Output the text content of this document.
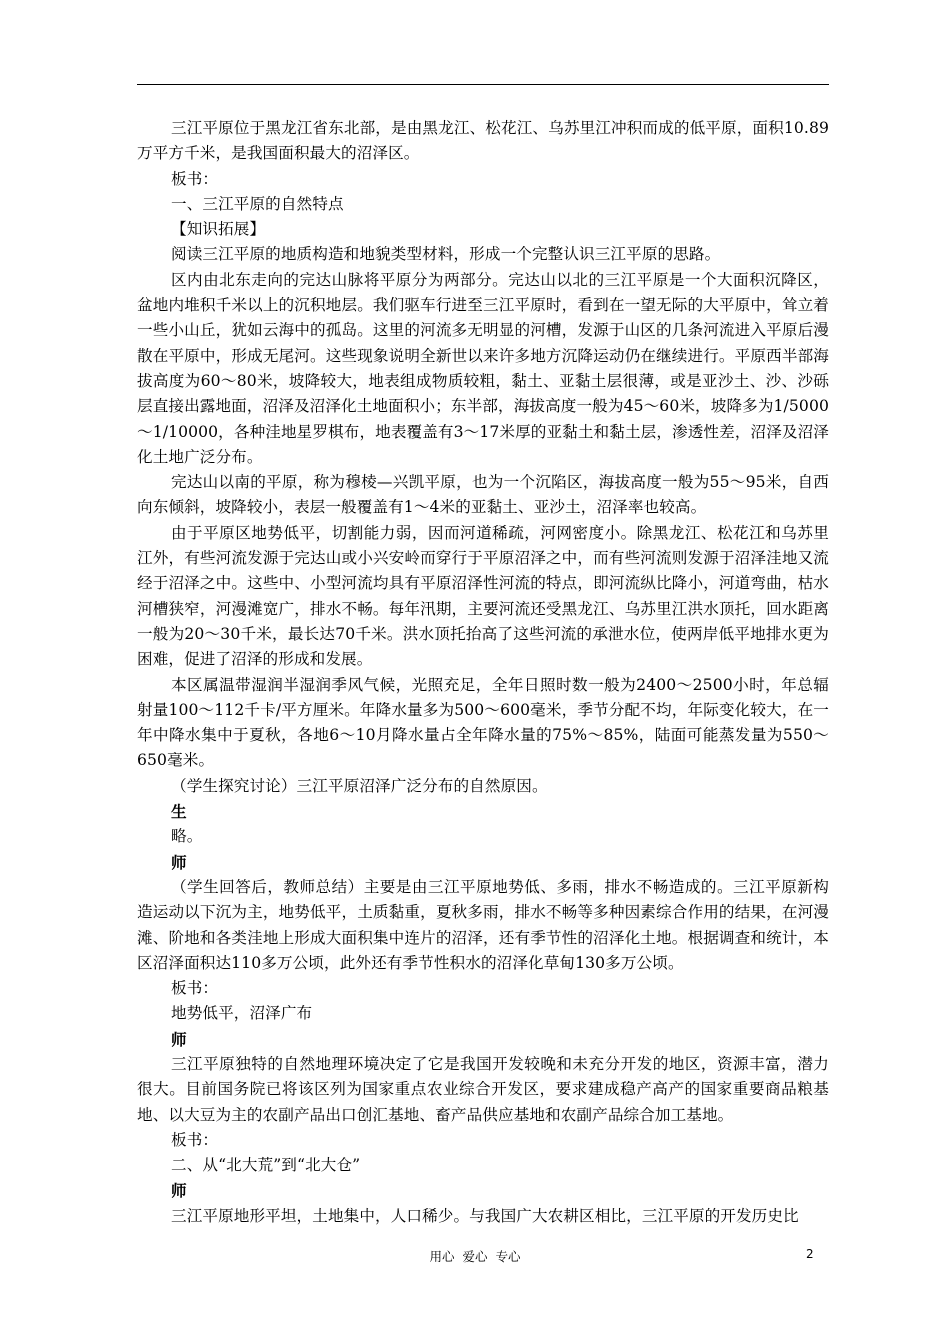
三江平原位于黑龙江省东北部，是由黑龙江、松花江、乌苏里江冲积而成的低平原，面积10.89万平方千米，是我国面积最大的沼泽区。

板书：

一、三江平原的自然特点

【知识拓展】

阅读三江平原的地质构造和地貌类型材料，形成一个完整认识三江平原的思路。

区内由北东走向的完达山脉将平原分为两部分。完达山以北的三江平原是一个大面积沉降区，盆地内堆积千米以上的沉积地层。我们驱车行进至三江平原时，看到在一望无际的大平原中，耸立着一些小山丘，犹如云海中的孤岛。这里的河流多无明显的河槽，发源于山区的几条河流进入平原后漫散在平原中，形成无尾河。这些现象说明全新世以来许多地方沉降运动仍在继续进行。平原西半部海拔高度为60～80米，坡降较大，地表组成物质较粗，黏土、亚黏土层很薄，或是亚沙土、沙、沙砾层直接出露地面，沼泽及沼泽化土地面积小；东半部，海拔高度一般为45～60米，坡降多为1/5000～1/10000，各种洼地星罗棋布，地表覆盖有3～17米厚的亚黏土和黏土层，渗透性差，沼泽及沼泽化土地广泛分布。

完达山以南的平原，称为穆棱—兴凯平原，也为一个沉陷区，海拔高度一般为55～95米，自西向东倾斜，坡降较小，表层一般覆盖有1～4米的亚黏土、亚沙土，沼泽率也较高。

由于平原区地势低平，切割能力弱，因而河道稀疏，河网密度小。除黑龙江、松花江和乌苏里江外，有些河流发源于完达山或小兴安岭而穿行于平原沼泽之中，而有些河流则发源于沼泽洼地又流经于沼泽之中。这些中、小型河流均具有平原沼泽性河流的特点，即河流纵比降小，河道弯曲，枯水河槽狭窄，河漫滩宽广，排水不畅。每年汛期，主要河流还受黑龙江、乌苏里江洪水顶托，回水距离一般为20～30千米，最长达70千米。洪水顶托抬高了这些河流的承泄水位，使两岸低平地排水更为困难，促进了沼泽的形成和发展。

本区属温带湿润半湿润季风气候，光照充足，全年日照时数一般为2400～2500小时，年总辐射量100～112千卡/平方厘米。年降水量多为500～600毫米，季节分配不均，年际变化较大，在一年中降水集中于夏秋，各地6～10月降水量占全年降水量的75%～85%，陆面可能蒸发量为550～650毫米。

（学生探究讨论）三江平原沼泽广泛分布的自然原因。

生

略。

师

（学生回答后，教师总结）主要是由三江平原地势低、多雨，排水不畅造成的。三江平原新构造运动以下沉为主，地势低平，土质黏重，夏秋多雨，排水不畅等多种因素综合作用的结果，在河漫滩、阶地和各类洼地上形成大面积集中连片的沼泽，还有季节性的沼泽化土地。根据调查和统计，本区沼泽面积达110多万公顷，此外还有季节性积水的沼泽化草甸130多万公顷。

板书：

地势低平，沼泽广布

师

三江平原独特的自然地理环境决定了它是我国开发较晚和未充分开发的地区，资源丰富，潜力很大。目前国务院已将该区列为国家重点农业综合开发区，要求建成稳产高产的国家重要商品粮基地、以大豆为主的农副产品出口创汇基地、畜产品供应基地和农副产品综合加工基地。

板书：

二、从“北大荒”到“北大仓”

师

三江平原地形平坦，土地集中，人口稀少。与我国广大农耕区相比，三江平原的开发历史比

用心 爱心 专心	2
